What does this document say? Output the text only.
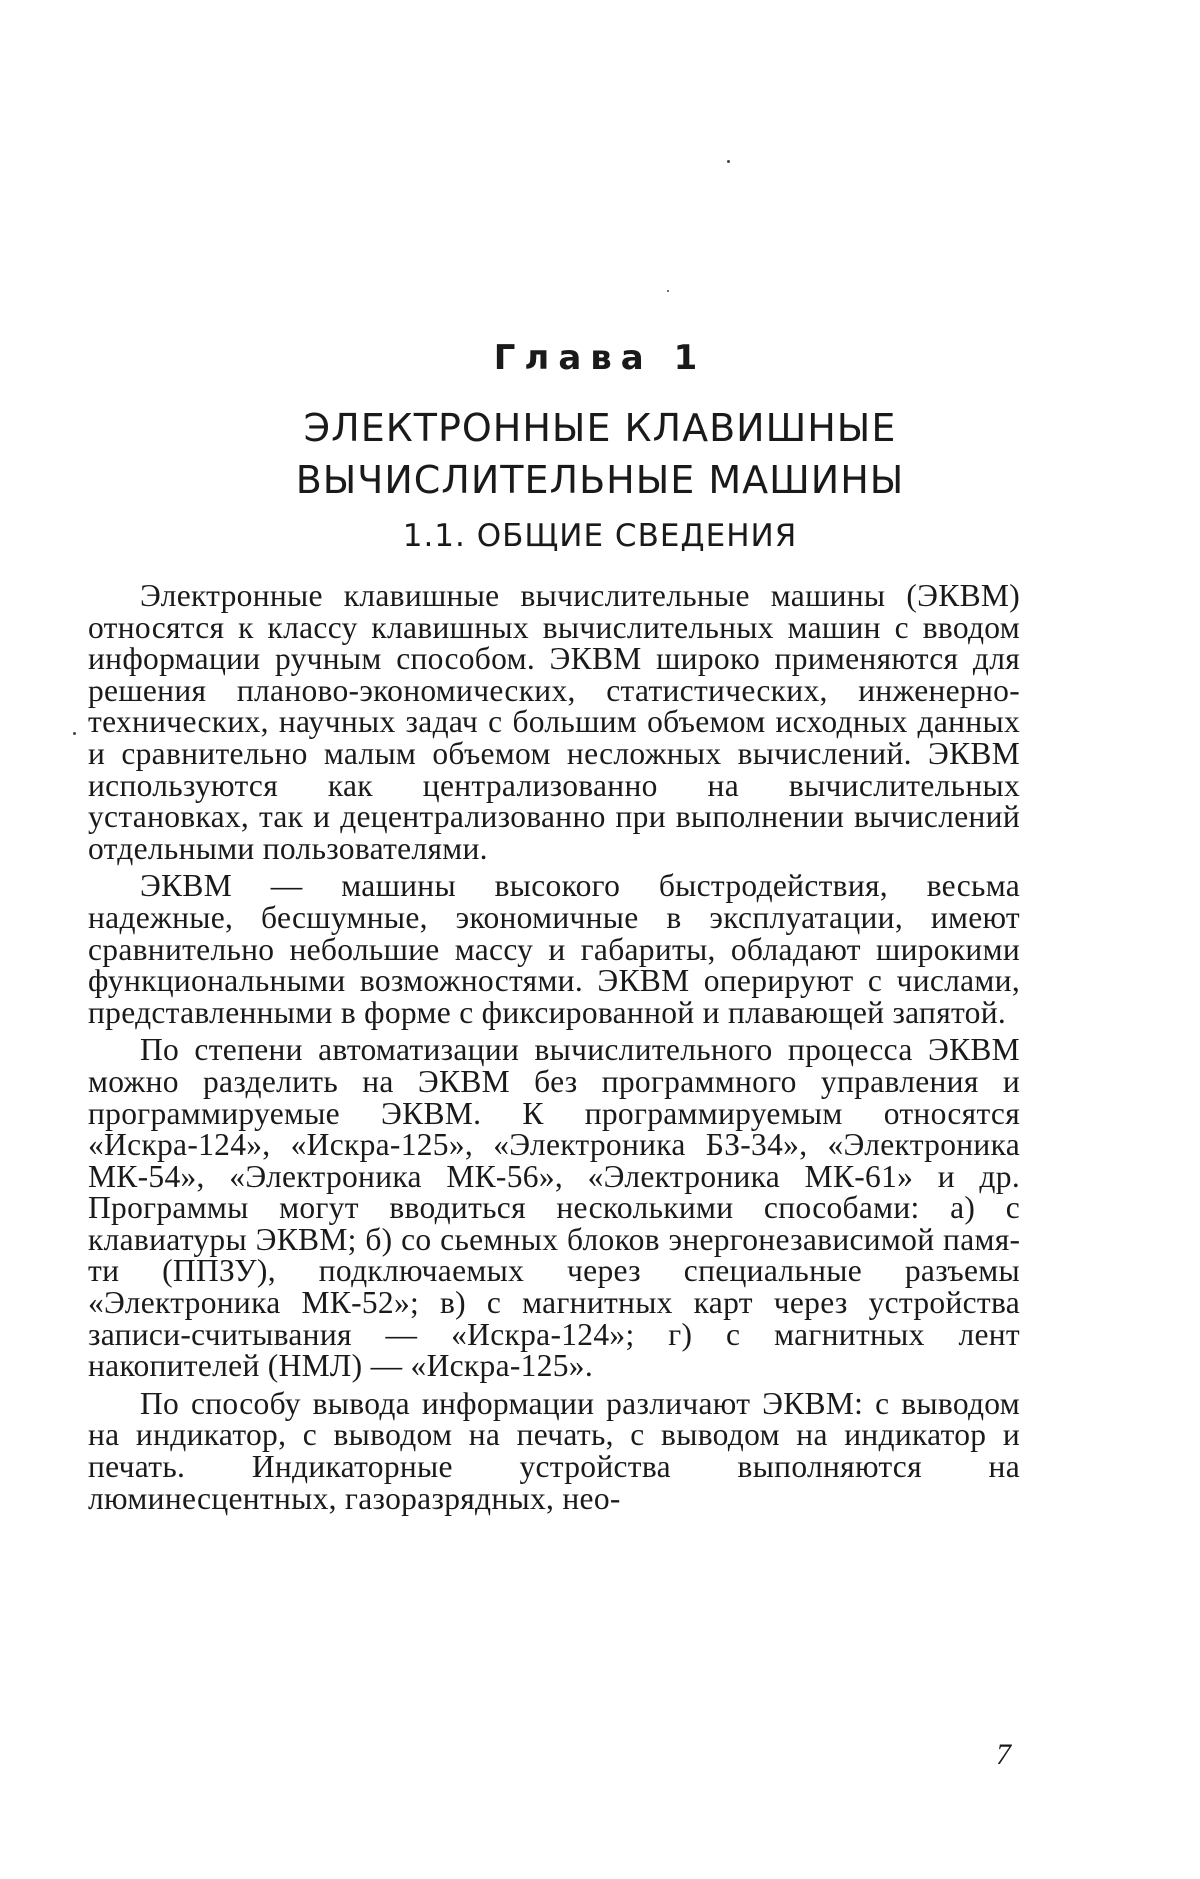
Глава 1
ЭЛЕКТРОННЫЕ КЛАВИШНЫЕ
ВЫЧИСЛИТЕЛЬНЫЕ МАШИНЫ
1.1. ОБЩИЕ СВЕДЕНИЯ

Электронные клавишные вычислительные машины (ЭКВМ) относятся к классу клавишных вычислительных машин с вводом информации ручным способом. ЭКВМ широко применяются для решения планово-экономических, статистических, инженерно-технических, научных задач с большим объемом исходных данных и сравнительно малым объемом несложных вычислений. ЭКВМ используются как централизованно на вычислительных установках, так и децентрализованно при выполнении вычислений отдельными пользователями.

ЭКВМ — машины высокого быстродействия, весьма надежные, бесшумные, экономичные в эксплуатации, имеют сравнительно небольшие массу и габариты, обладают широкими функциональными возможностями. ЭКВМ оперируют с числами, представленными в форме с фиксированной и плавающей запятой.

По степени автоматизации вычислительного процесса ЭКВМ можно разделить на ЭКВМ без программного управления и программируемые ЭКВМ. К программируемым относятся «Искра-124», «Искра-125», «Электроника БЗ-34», «Электроника МК-54», «Электроника МК-56», «Электроника МК-61» и др. Программы могут вводиться несколькими способами: а) с клавиатуры ЭКВМ; б) со сьемных блоков энергонезависимой памяти (ППЗУ), подключаемых через специальные разъемы «Электроника МК-52»; в) с магнитных карт через устройства записи-считывания — «Искра-124»; г) с магнитных лент накопителей (НМЛ) — «Искра-125».

По способу вывода информации различают ЭКВМ: с выводом на индикатор, с выводом на печать, с выводом на индикатор и печать. Индикаторные устройства выполняются на люминесцентных, газоразрядных, нео-

7
